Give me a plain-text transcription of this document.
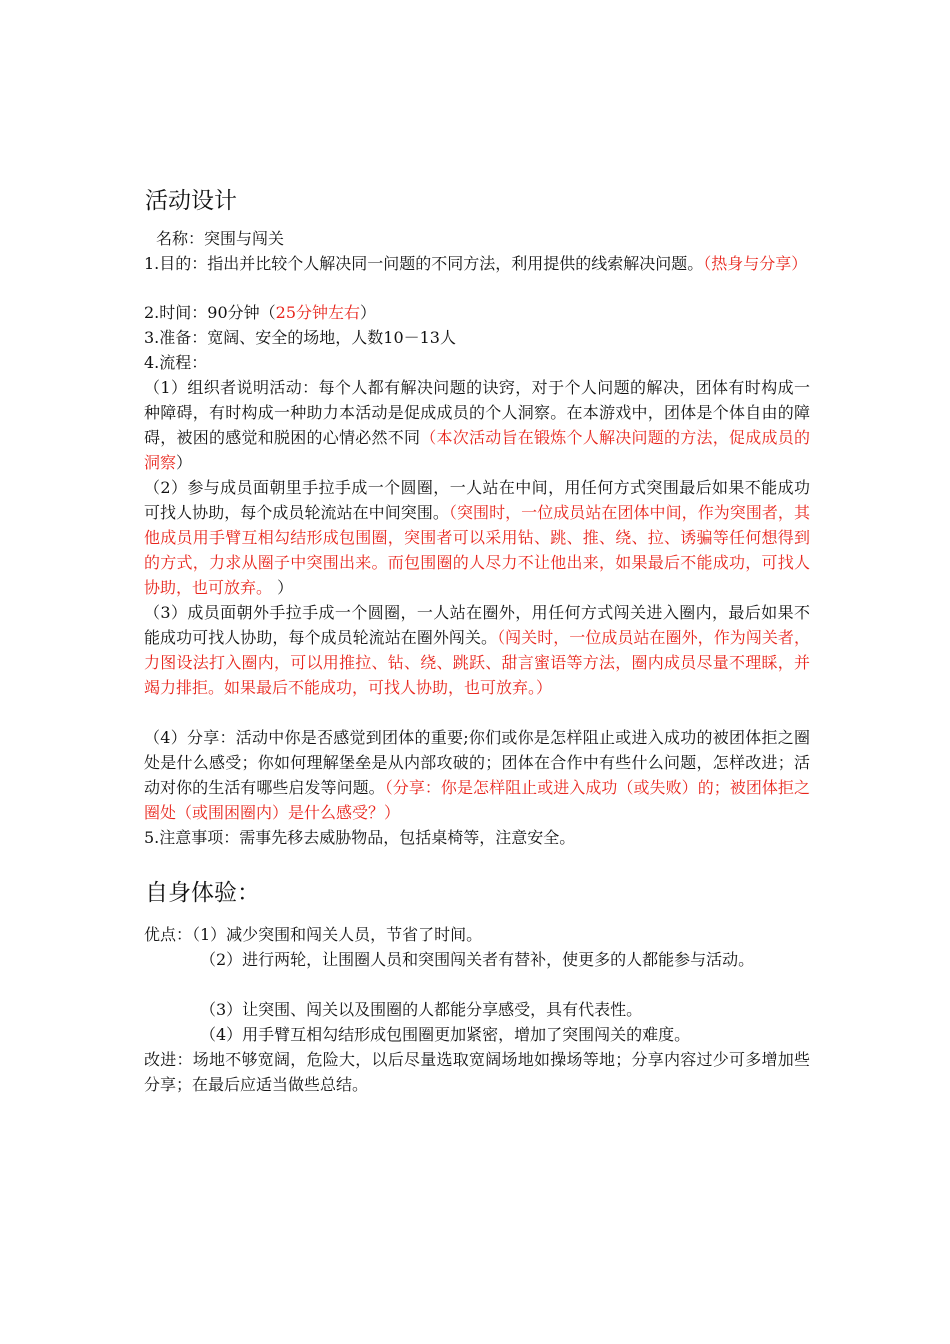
活动设计

名称：突围与闯关

1.目的：指出并比较个人解决同一问题的不同方法，利用提供的线索解决问题。（热身与分享）

2.时间：90分钟（25分钟左右）

3.准备：宽阔、安全的场地，人数10－13人

4.流程：

（1）组织者说明活动：每个人都有解决问题的诀窍，对于个人问题的解决，团体有时构成一种障碍，有时构成一种助力本活动是促成成员的个人洞察。在本游戏中，团体是个体自由的障碍，被困的感觉和脱困的心情必然不同（本次活动旨在锻炼个人解决问题的方法，促成成员的洞察）

（2）参与成员面朝里手拉手成一个圆圈，一人站在中间，用任何方式突围最后如果不能成功可找人协助，每个成员轮流站在中间突围。（突围时，一位成员站在团体中间，作为突围者，其他成员用手臂互相勾结形成包围圈，突围者可以采用钻、跳、推、绕、拉、诱骗等任何想得到的方式，力求从圈子中突围出来。而包围圈的人尽力不让他出来，如果最后不能成功，可找人协助，也可放弃。 ）

（3）成员面朝外手拉手成一个圆圈，一人站在圈外，用任何方式闯关进入圈内，最后如果不能成功可找人协助，每个成员轮流站在圈外闯关。（闯关时，一位成员站在圈外，作为闯关者，力图设法打入圈内，可以用推拉、钻、绕、跳跃、甜言蜜语等方法，圈内成员尽量不理睬，并竭力排拒。如果最后不能成功，可找人协助，也可放弃。）

（4）分享：活动中你是否感觉到团体的重要;你们或你是怎样阻止或进入成功的被团体拒之圈处是什么感受；你如何理解堡垒是从内部攻破的；团体在合作中有些什么问题，怎样改进；活动对你的生活有哪些启发等问题。（分享：你是怎样阻止或进入成功（或失败）的；被团体拒之圈处（或围困圈内）是什么感受？）

5.注意事项：需事先移去威胁物品，包括桌椅等，注意安全。

自身体验：

优点：（1）减少突围和闯关人员，节省了时间。

（2）进行两轮，让围圈人员和突围闯关者有替补，使更多的人都能参与活动。

（3）让突围、闯关以及围圈的人都能分享感受，具有代表性。

（4）用手臂互相勾结形成包围圈更加紧密，增加了突围闯关的难度。

改进：场地不够宽阔，危险大，以后尽量选取宽阔场地如操场等地；分享内容过少可多增加些分享；在最后应适当做些总结。
